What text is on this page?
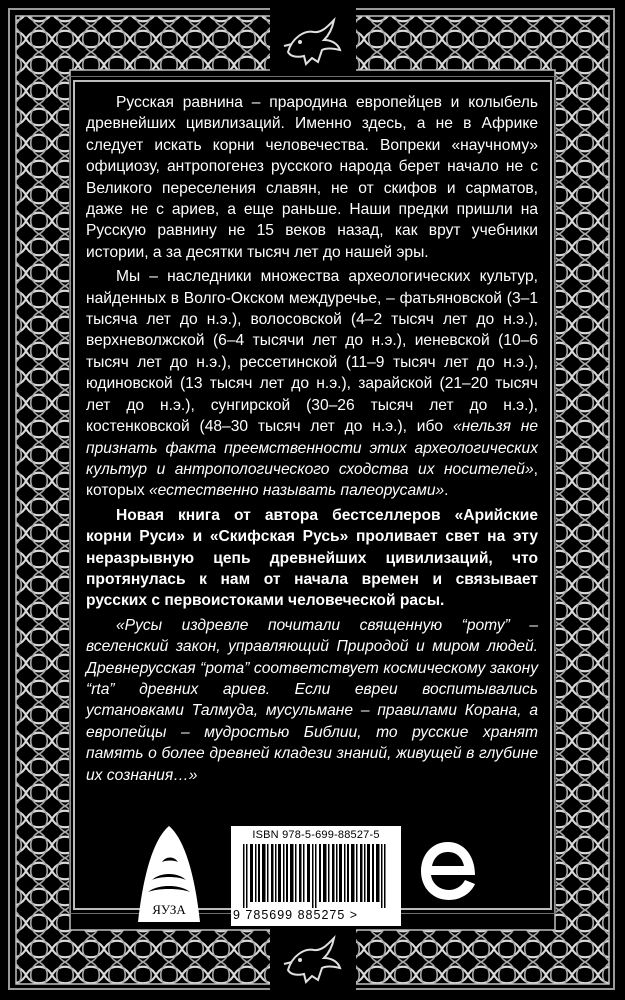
Русская равнина – прародина европейцев и колыбель древнейших цивилизаций. Именно здесь, а не в Африке следует искать корни человечества. Вопреки «научному» официозу, антропогенез русского народа берет начало не с Великого переселения славян, не от скифов и сарматов, даже не с ариев, а еще раньше. Наши предки пришли на Русскую равнину не 15 веков назад, как врут учебники истории, а за десятки тысяч лет до нашей эры.

Мы – наследники множества археологических культур, найденных в Волго-Окском междуречье, – фатьяновской (3–1 тысяча лет до н.э.), волосовской (4–2 тысяч лет до н.э.), верхневолжской (6–4 тысячи лет до н.э.), иеневской (10–6 тысяч лет до н.э.), рессетинской (11–9 тысяч лет до н.э.), юдиновской (13 тысяч лет до н.э.), зарайской (21–20 тысяч лет до н.э.), сунгирской (30–26 тысяч лет до н.э.), костенковской (48–30 тысяч лет до н.э.), ибо «нельзя не признать факта преемственности этих археологических культур и антропологического сходства их носителей», которых «естественно называть палеорусами».

Новая книга от автора бестселлеров «Арийские корни Руси» и «Скифская Русь» проливает свет на эту неразрывную цепь древнейших цивилизаций, что протянулась к нам от начала времен и связывает русских с первоистоками человеческой расы.

«Русы издревле почитали священную “роту” – вселенский закон, управляющий Природой и миром людей. Древнерусская “рота” соответствует космическому закону “rta” древних ариев. Если евреи воспитывались установками Талмуда, мусульмане – правилами Корана, а европейцы – мудростью Библии, то русские хранят память о более древней кладези знаний, живущей в глубине их сознания…»

ЯУЗА
ISBN 978-5-699-88527-5
9 785699 885275 >
